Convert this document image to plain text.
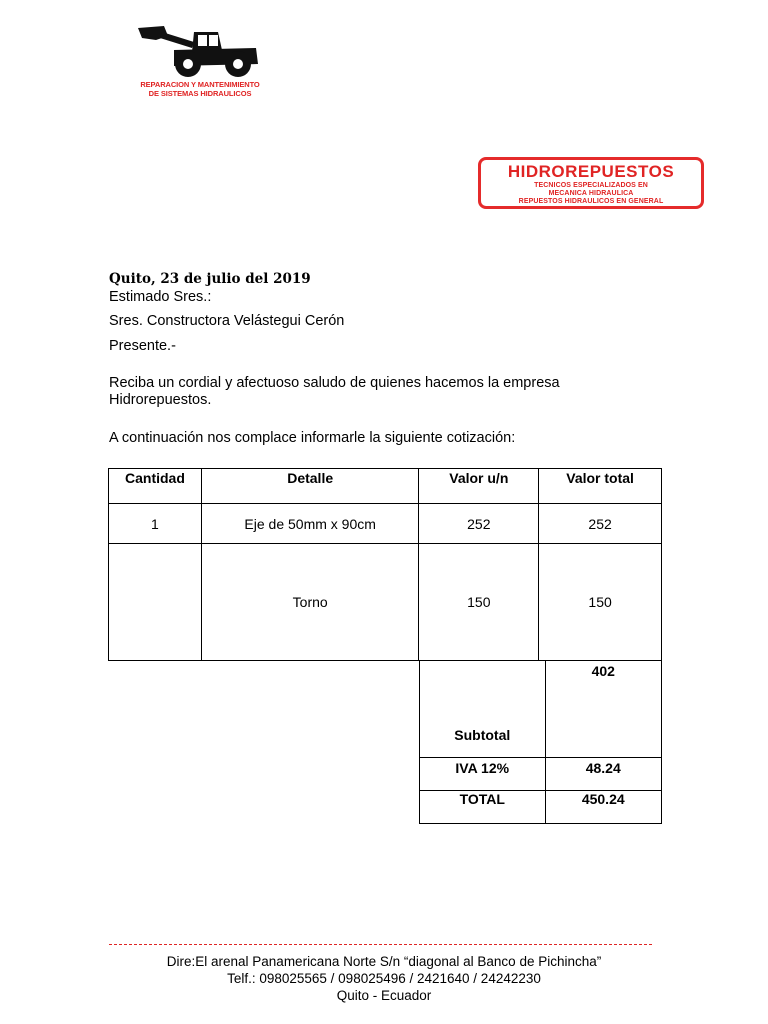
REPARACION Y MANTENIMIENTO
DE SISTEMAS HIDRAULICOS
HIDROREPUESTOS
TECNICOS ESPECIALIZADOS EN
MECANICA HIDRAULICA
REPUESTOS HIDRAULICOS EN GENERAL
Quito, 23 de julio del 2019
Estimado Sres.:
Sres. Constructora Velástegui Cerón
Presente.-
Reciba un cordial y afectuoso saludo de quienes hacemos la empresa
Hidrorepuestos.
A continuación nos complace informarle la siguiente cotización:
Cantidad	Detalle	Valor u/n	Valor total
1	Eje de 50mm x 90cm	252	252
	Torno	150	150
Subtotal	402
IVA 12%	48.24
TOTAL	450.24
Dire:El arenal Panamericana Norte S/n “diagonal al Banco de Pichincha”
Telf.: 098025565 / 098025496 / 2421640 / 24242230
Quito - Ecuador
